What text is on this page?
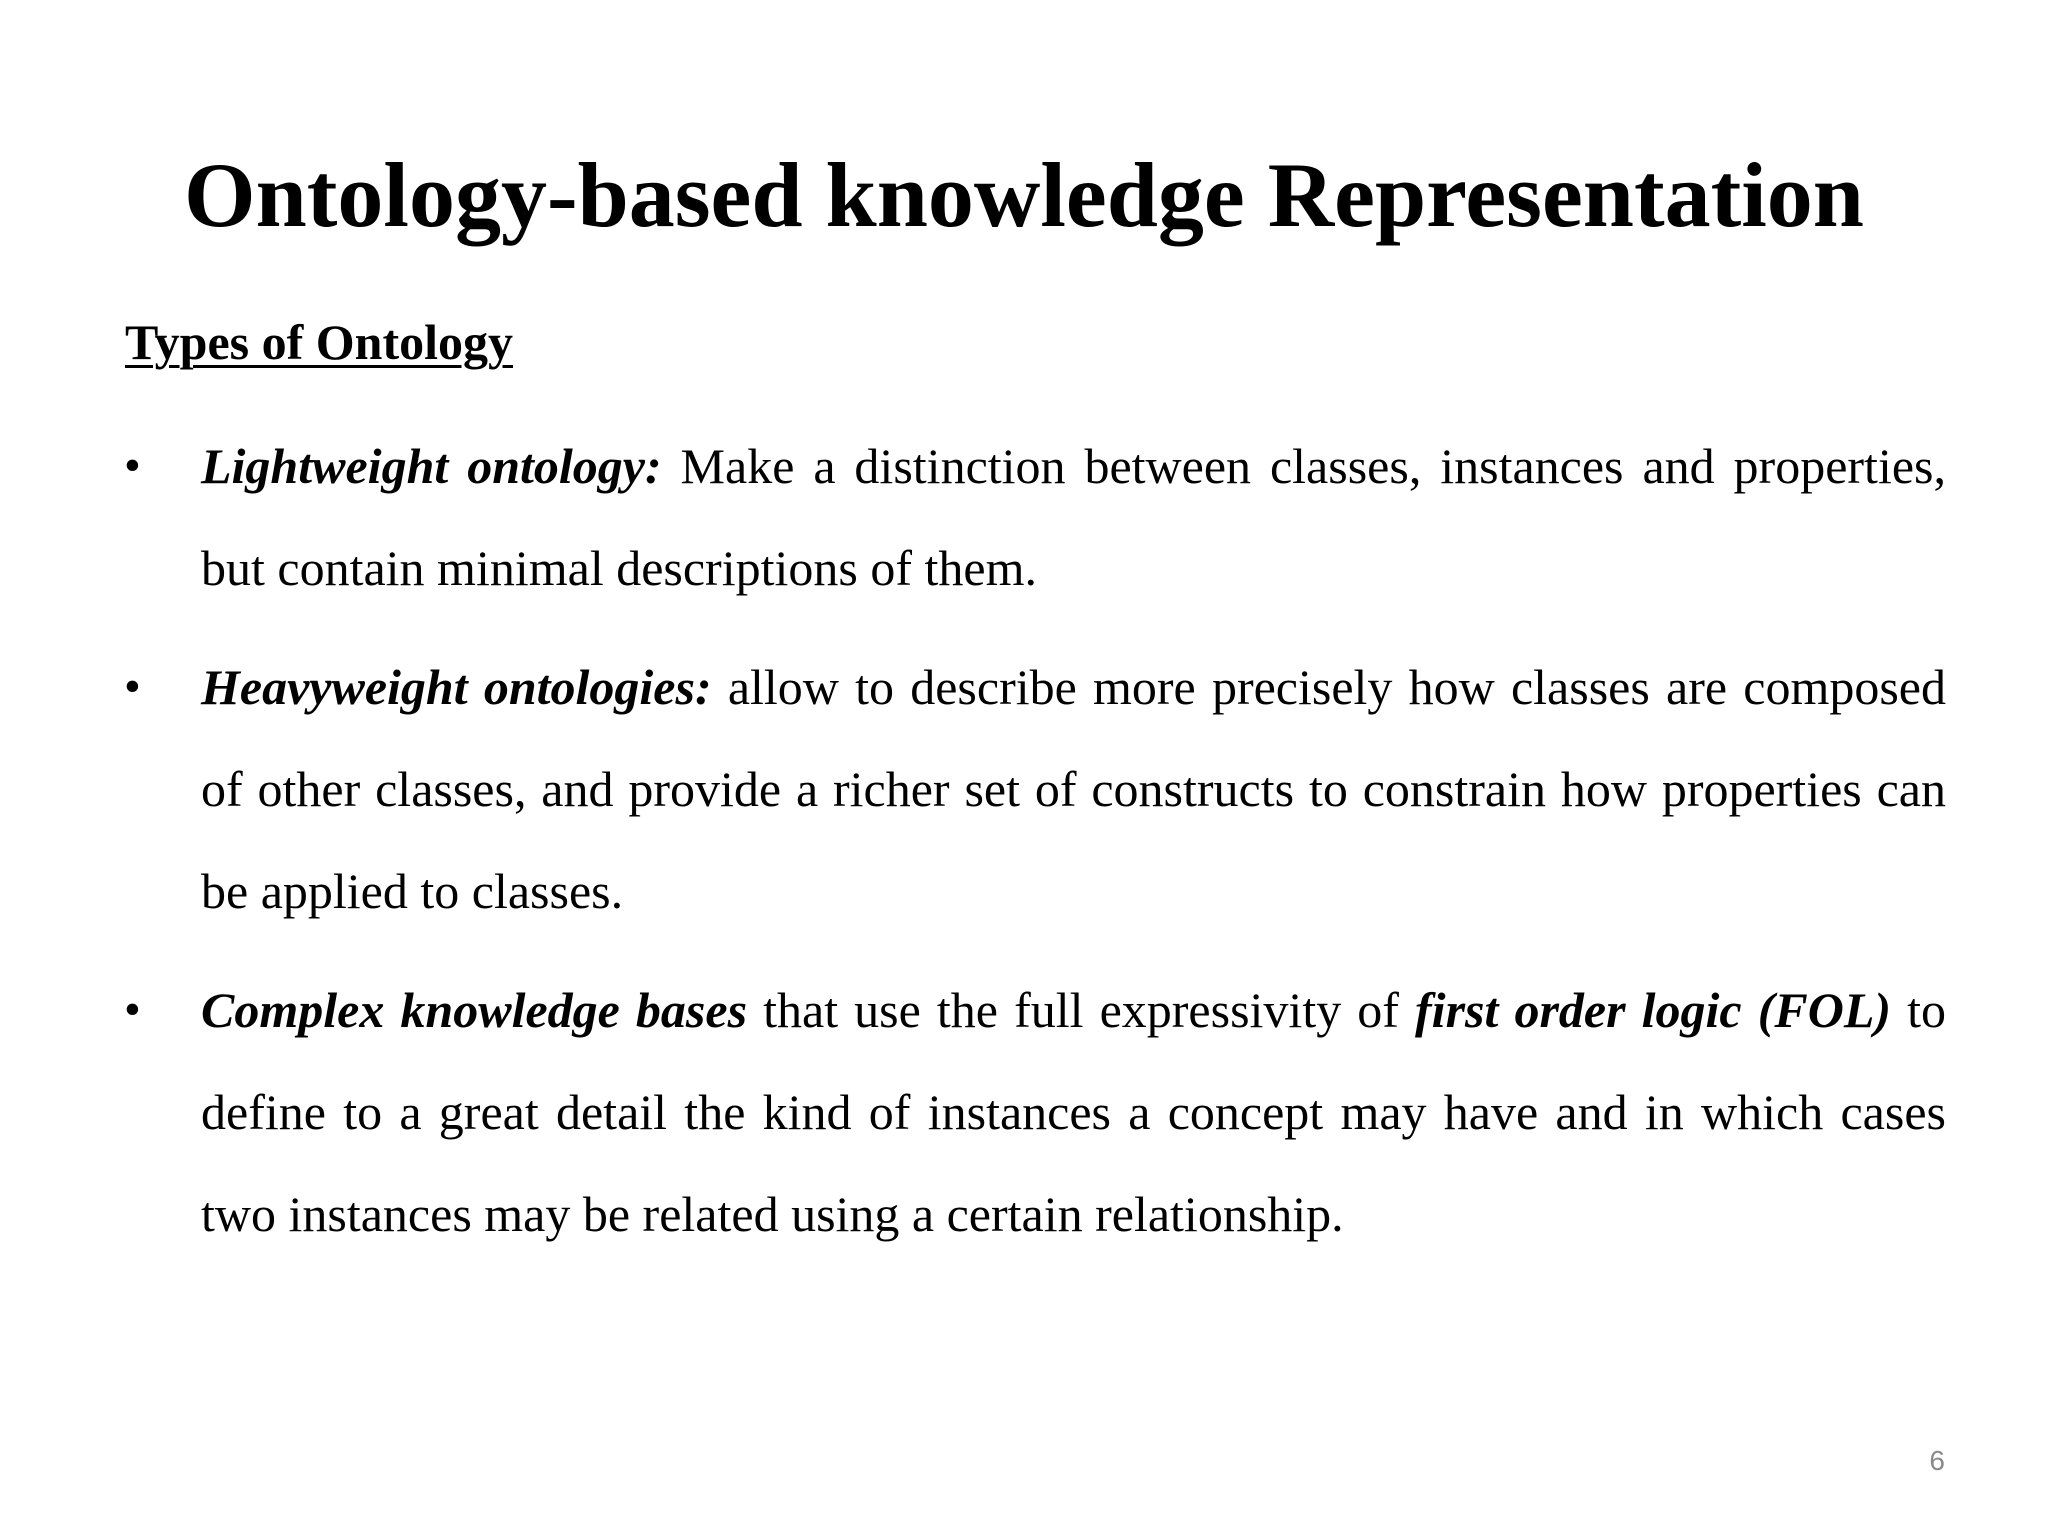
Ontology-based knowledge Representation
Types of Ontology
• Lightweight ontology: Make a distinction between classes, instances and properties, but contain minimal descriptions of them.
• Heavyweight ontologies: allow to describe more precisely how classes are composed of other classes, and provide a richer set of constructs to constrain how properties can be applied to classes.
• Complex knowledge bases that use the full expressivity of first order logic (FOL) to define to a great detail the kind of instances a concept may have and in which cases two instances may be related using a certain relationship.
6
